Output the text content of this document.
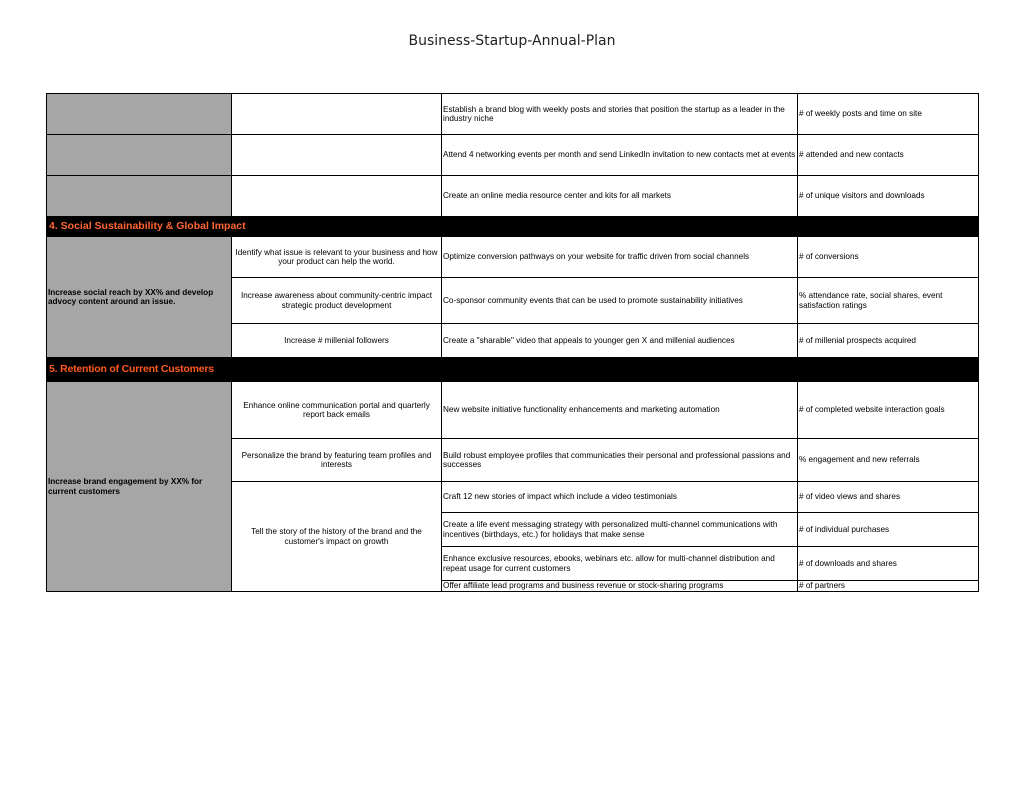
Business-Startup-Annual-Plan
		Establish a brand blog with weekly posts and stories that position the startup as a leader in the industry niche	# of weekly posts and time on site
		Attend 4 networking events per month and send LinkedIn invitation to new contacts met at events	# attended and new contacts
		Create an online media resource center and kits for all markets	# of unique visitors and downloads
4. Social Sustainability & Global Impact			
Increase social reach by XX% and develop advocy content around an issue.	Identify what issue is relevant to your business and how your product can help the world.	Optimize conversion pathways on your website for traffic driven from social channels	# of conversions
	Increase awareness about community-centric impact strategic product development	Co-sponsor community events that can be used to promote sustainability initiatives	% attendance rate, social shares, event satisfaction ratings
	Increase # millenial followers	Create a "sharable" video that appeals to younger gen X and millenial audiences	# of millenial prospects acquired
5. Retention of Current Customers			
Increase brand engagement by XX% for current customers	Enhance online communication portal and quarterly report back emails	New website initiative functionality enhancements and marketing automation	# of completed website interaction goals
	Personalize the brand by featuring team profiles and interests	Build robust employee profiles that communicaties their personal and professional passions and successes	% engagement and new referrals
	Tell the story of the history of the brand and the customer's impact on growth	Craft 12 new stories of impact which include a video testimonials	# of video views and shares
		Create a life event messaging strategy with personalized multi-channel communications with incentives (birthdays, etc.) for holidays that make sense	# of individual purchases
		Enhance exclusive resources, ebooks, webinars etc. allow for multi-channel distribution and repeat usage for current customers	# of downloads and shares
		Offer affiliate lead programs and business revenue or stock-sharing programs	# of partners
